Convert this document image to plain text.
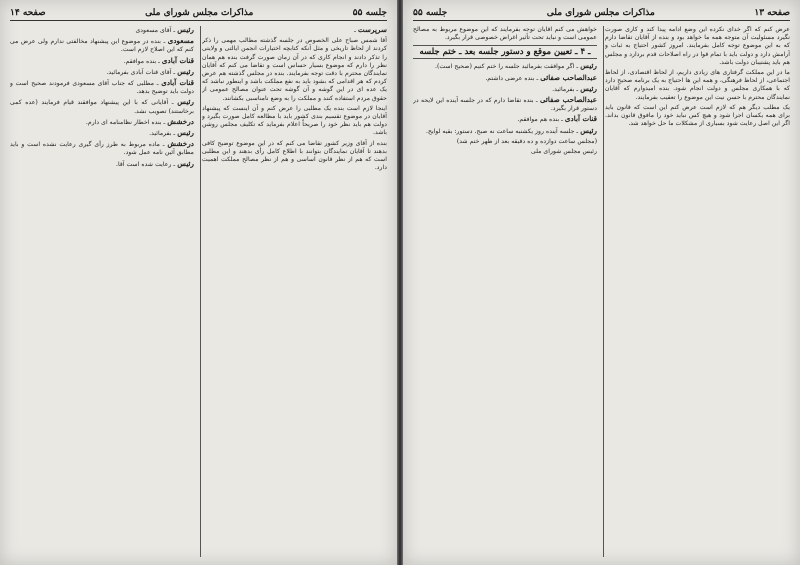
جلسه ۵۵
مذاکرات مجلس شورای ملی
صفحه ۱۴

سرپرست ـ

آقا شمس صباح علی الخصوص در جلسه گذشته مطالب مهمی را ذکر کردند از لحاظ تاریخی و مثل آنکه کتابچه اختیارات انجمن ایالتی و ولایتی را تذکر دادند و انجام کاری که در آن زمان صورت گرفت بنده هم همان نظر را دارم که موضوع بسیار حساس است و تقاضا می کنم که آقایان نمایندگان محترم با دقت توجه بفرمایند. بنده در مجلس گذشته هم عرض کردم که هر اقدامی که بشود باید به نفع مملکت باشد و اینطور نباشد که یک عده ای در این گوشه و آن گوشه تحت عنوان مصالح عمومی از حقوق مردم استفاده کنند و مملکت را به وضع نامناسبی بکشانند.

اینجا لازم است بنده یک مطلبی را عرض کنم و آن اینست که پیشنهاد آقایان در موضوع تقسیم بندی کشور باید با مطالعه کامل صورت بگیرد و دولت هم باید نظر خود را صریحاً اعلام بفرماید که تکلیف مجلس روشن باشد.

بنده از آقای وزیر کشور تقاضا می کنم که در این موضوع توضیح کافی بدهند تا آقایان نمایندگان بتوانند با اطلاع کامل رأی بدهند و این مطلبی است که هم از نظر قانون اساسی و هم از نظر مصالح مملکت اهمیت دارد.

رئیس ـ آقای مسعودی

مسعودی ـ بنده در موضوع این پیشنهاد مخالفتی ندارم ولی عرض می کنم که این اصلاح لازم است.

قنات آبادی ـ بنده موافقم.

رئیس ـ آقای قنات آبادی بفرمائید.

قنات آبادی ـ مطلبی که جناب آقای مسعودی فرمودند صحیح است و دولت باید توضیح بدهد.

رئیس ـ آقایانی که با این پیشنهاد موافقند قیام فرمایند (عده کمی برخاستند) تصویب نشد.

درخشش ـ بنده اخطار نظامنامه ای دارم.

رئیس ـ بفرمائید.

درخشش ـ ماده مربوط به طرز رأی گیری رعایت نشده است و باید مطابق آئین نامه عمل شود.

رئیس ـ رعایت شده است آقا.

صفحه ۱۳
مذاکرات مجلس شورای ملی
جلسه ۵۵

عرض کنم که اگر خدای نکرده این وضع ادامه پیدا کند و کاری صورت نگیرد مسئولیت آن متوجه همه ما خواهد بود و بنده از آقایان تقاضا دارم که به این موضوع توجه کامل بفرمایند. امروز کشور احتیاج به ثبات و آرامش دارد و دولت باید با تمام قوا در راه اصلاحات قدم بردارد و مجلس هم باید پشتیبان دولت باشد.

ما در این مملکت گرفتاری های زیادی داریم، از لحاظ اقتصادی، از لحاظ اجتماعی، از لحاظ فرهنگی، و همه این ها احتیاج به یک برنامه صحیح دارد که با همکاری مجلس و دولت انجام شود. بنده امیدوارم که آقایان نمایندگان محترم با حسن نیت این موضوع را تعقیب بفرمایند.

یک مطلب دیگر هم که لازم است عرض کنم این است که قانون باید برای همه یکسان اجرا شود و هیچ کس نباید خود را مافوق قانون بداند. اگر این اصل رعایت شود بسیاری از مشکلات ما حل خواهد شد.

خواهش می کنم آقایان توجه بفرمایند که این موضوع مربوط به مصالح عمومی است و نباید تحت تأثیر اغراض خصوصی قرار بگیرد.

ـ ۴ ـ تعیین موقع و دستور جلسه بعد ـ ختم جلسه

رئیس ـ اگر موافقت بفرمائید جلسه را ختم کنیم (صحیح است).

عبدالصاحب صفائی ـ بنده عرضی داشتم.

رئیس ـ بفرمائید.

عبدالصاحب صفائی ـ بنده تقاضا دارم که در جلسه آینده این لایحه در دستور قرار بگیرد.

قنات آبادی ـ بنده هم موافقم.

رئیس ـ جلسه آینده روز یکشنبه ساعت نه صبح. دستور: بقیه لوایح.

(مجلس ساعت دوازده و ده دقیقه بعد از ظهر ختم شد)

رئیس مجلس شورای ملی
